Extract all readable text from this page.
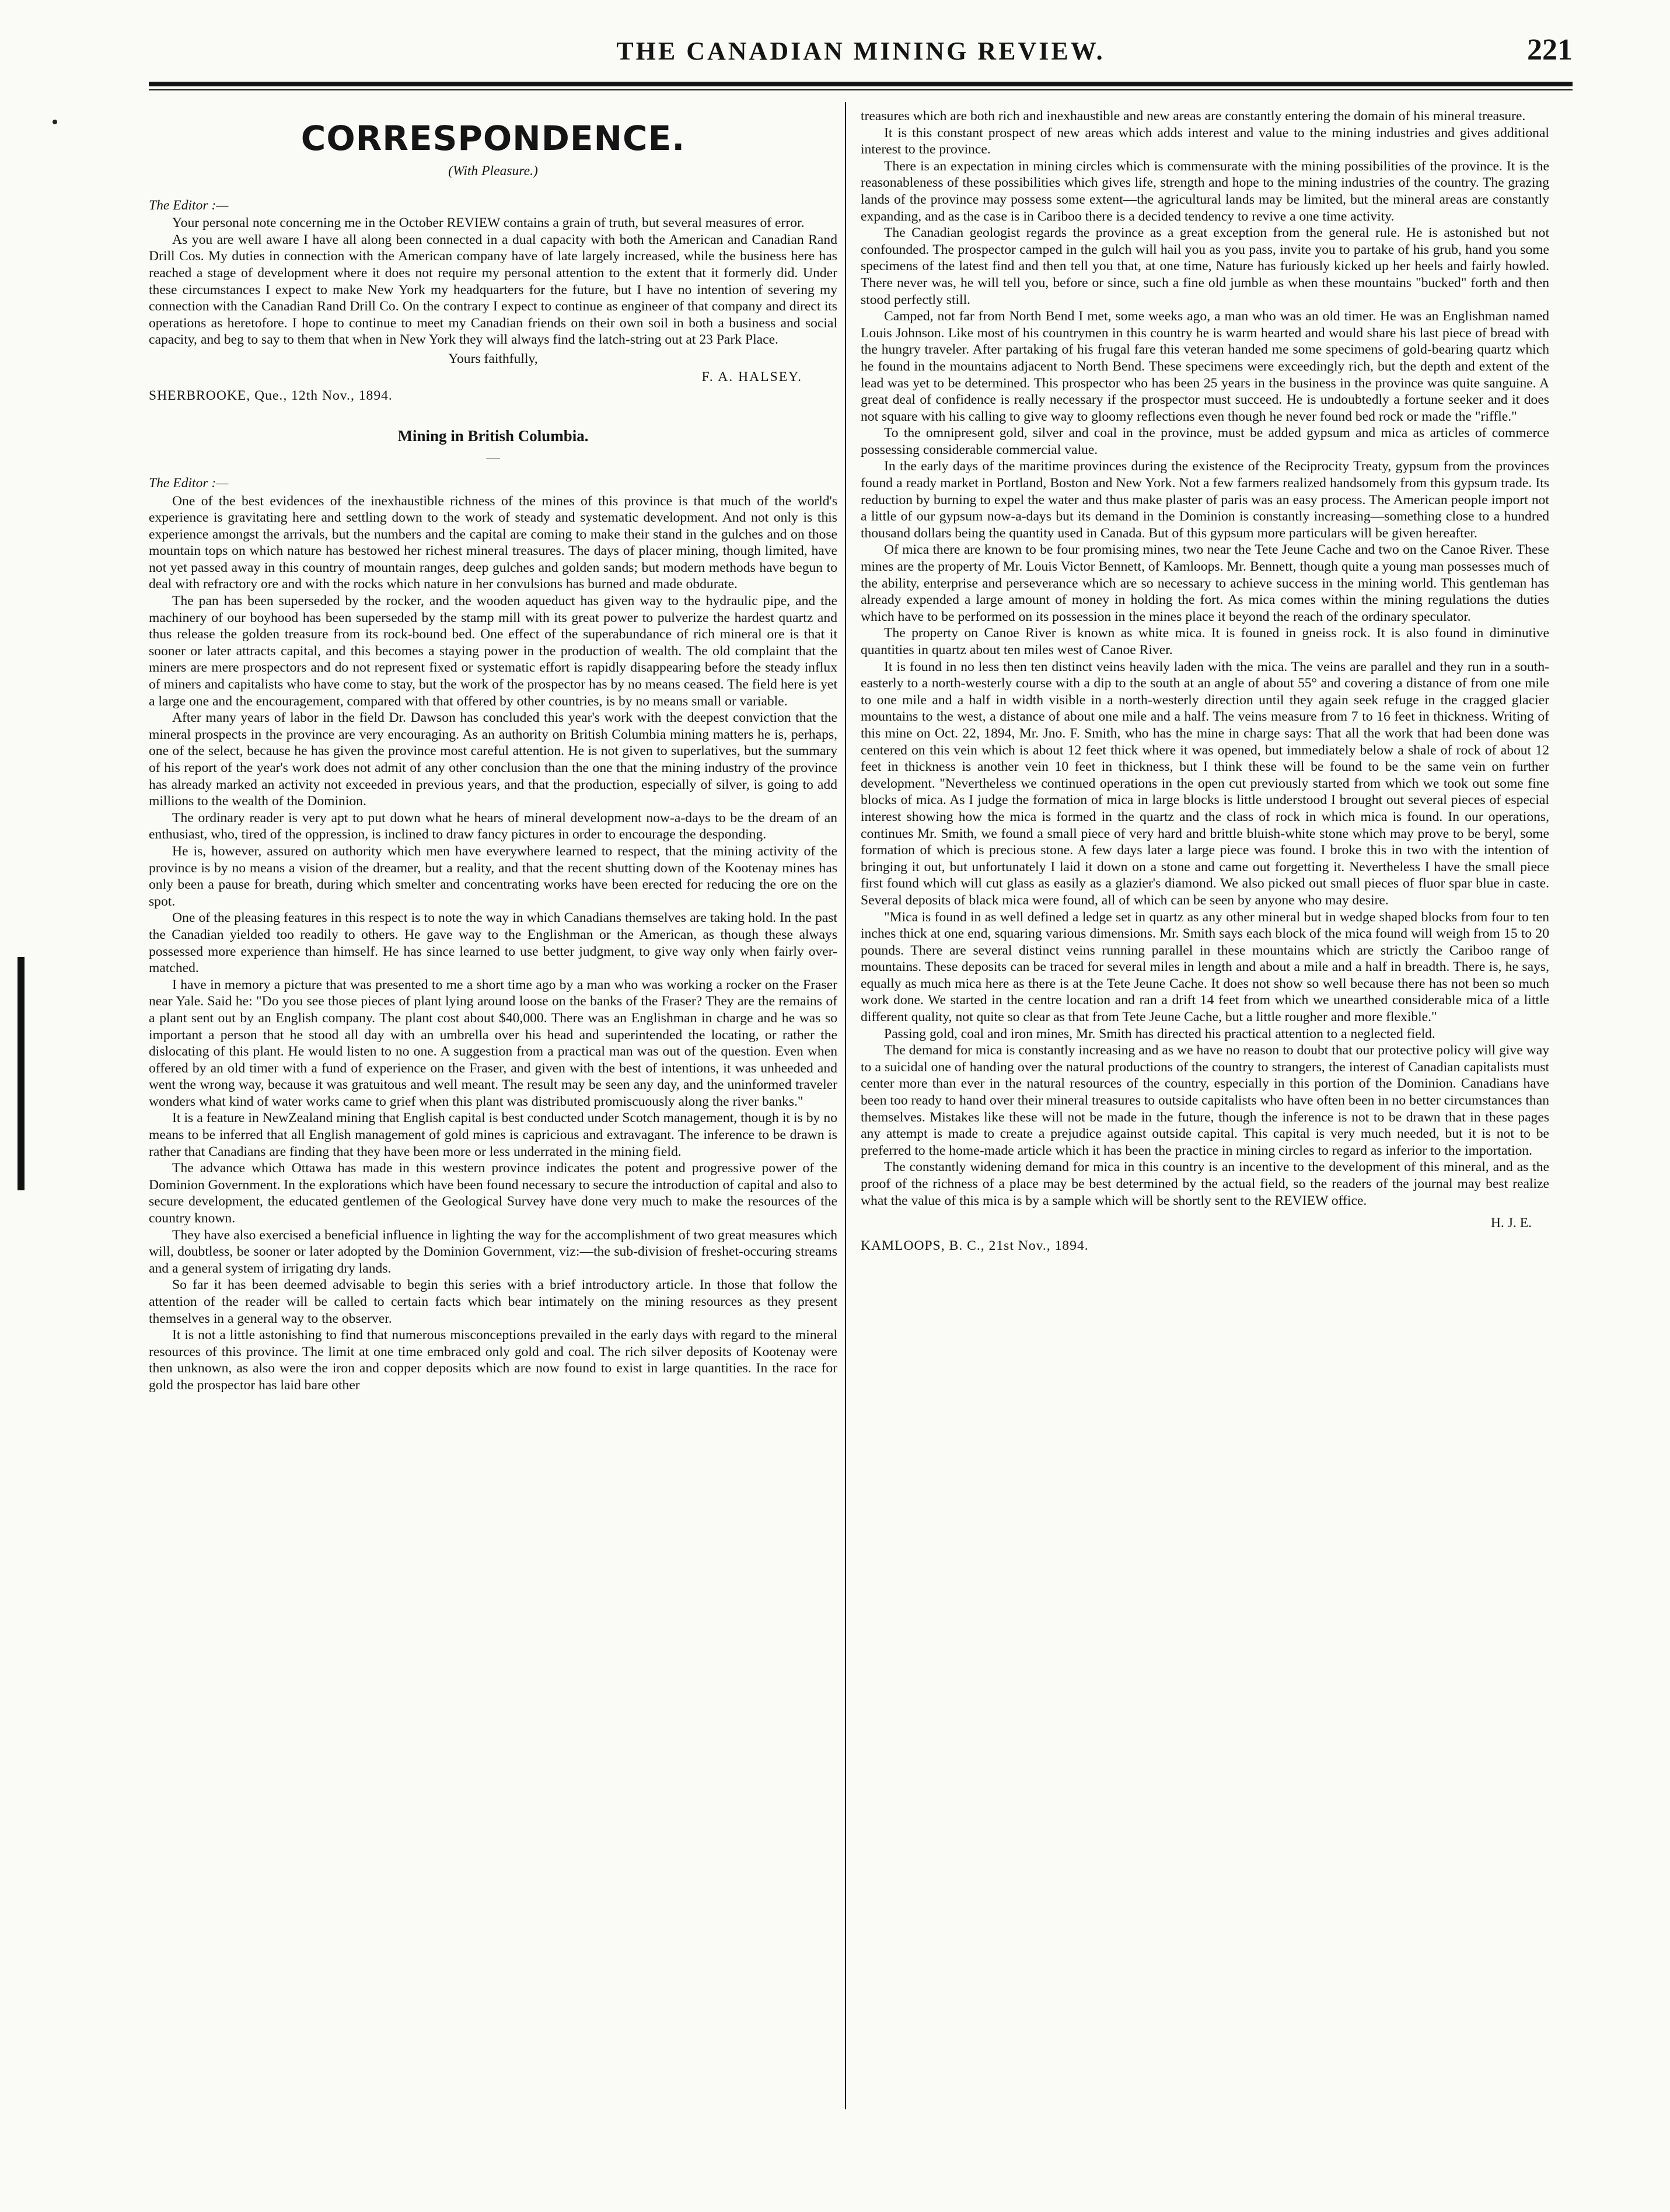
THE CANADIAN MINING REVIEW.	221
CORRESPONDENCE.
(With Pleasure.)
The Editor :—

Your personal note concerning me in the October REVIEW contains a grain of truth, but several measures of error.

As you are well aware I have all along been connected in a dual capacity with both the American and Canadian Rand Drill Cos. My duties in connection with the American company have of late largely increased, while the business here has reached a stage of development where it does not require my personal attention to the extent that it formerly did. Under these circumstances I expect to make New York my headquarters for the future, but I have no intention of severing my connection with the Canadian Rand Drill Co. On the contrary I expect to continue as engineer of that company and direct its operations as heretofore. I hope to continue to meet my Canadian friends on their own soil in both a business and social capacity, and beg to say to them that when in New York they will always find the latch-string out at 23 Park Place.

Yours faithfully,
F. A. HALSEY.
SHERBROOKE, Que., 12th Nov., 1894.
Mining in British Columbia.
—
The Editor :—

One of the best evidences of the inexhaustible richness of the mines of this province is that much of the world's experience is gravitating here and settling down to the work of steady and systematic development. And not only is this experience amongst the arrivals, but the numbers and the capital are coming to make their stand in the gulches and on those mountain tops on which nature has bestowed her richest mineral treasures. The days of placer mining, though limited, have not yet passed away in this country of mountain ranges, deep gulches and golden sands; but modern methods have begun to deal with refractory ore and with the rocks which nature in her convulsions has burned and made obdurate.

The pan has been superseded by the rocker, and the wooden aqueduct has given way to the hydraulic pipe, and the machinery of our boyhood has been superseded by the stamp mill with its great power to pulverize the hardest quartz and thus release the golden treasure from its rock-bound bed. One effect of the superabundance of rich mineral ore is that it sooner or later attracts capital, and this becomes a staying power in the production of wealth. The old complaint that the miners are mere prospectors and do not represent fixed or systematic effort is rapidly disappearing before the steady influx of miners and capitalists who have come to stay, but the work of the prospector has by no means ceased. The field here is yet a large one and the encouragement, compared with that offered by other countries, is by no means small or variable.

After many years of labor in the field Dr. Dawson has concluded this year's work with the deepest conviction that the mineral prospects in the province are very encouraging. As an authority on British Columbia mining matters he is, perhaps, one of the select, because he has given the province most careful attention. He is not given to superlatives, but the summary of his report of the year's work does not admit of any other conclusion than the one that the mining industry of the province has already marked an activity not exceeded in previous years, and that the production, especially of silver, is going to add millions to the wealth of the Dominion.

The ordinary reader is very apt to put down what he hears of mineral development now-a-days to be the dream of an enthusiast, who, tired of the oppression, is inclined to draw fancy pictures in order to encourage the desponding.

He is, however, assured on authority which men have everywhere learned to respect, that the mining activity of the province is by no means a vision of the dreamer, but a reality, and that the recent shutting down of the Kootenay mines has only been a pause for breath, during which smelter and concentrating works have been erected for reducing the ore on the spot.

One of the pleasing features in this respect is to note the way in which Canadians themselves are taking hold. In the past the Canadian yielded too readily to others. He gave way to the Englishman or the American, as though these always possessed more experience than himself. He has since learned to use better judgment, to give way only when fairly over-matched.

I have in memory a picture that was presented to me a short time ago by a man who was working a rocker on the Fraser near Yale. Said he: "Do you see those pieces of plant lying around loose on the banks of the Fraser? They are the remains of a plant sent out by an English company. The plant cost about $40,000. There was an Englishman in charge and he was so important a person that he stood all day with an umbrella over his head and superintended the locating, or rather the dislocating of this plant. He would listen to no one. A suggestion from a practical man was out of the question. Even when offered by an old timer with a fund of experience on the Fraser, and given with the best of intentions, it was unheeded and went the wrong way, because it was gratuitous and well meant. The result may be seen any day, and the uninformed traveler wonders what kind of water works came to grief when this plant was distributed promiscuously along the river banks."

It is a feature in NewZealand mining that English capital is best conducted under Scotch management, though it is by no means to be inferred that all English management of gold mines is capricious and extravagant. The inference to be drawn is rather that Canadians are finding that they have been more or less underrated in the mining field.

The advance which Ottawa has made in this western province indicates the potent and progressive power of the Dominion Government. In the explorations which have been found necessary to secure the introduction of capital and also to secure development, the educated gentlemen of the Geological Survey have done very much to make the resources of the country known.

They have also exercised a beneficial influence in lighting the way for the accomplishment of two great measures which will, doubtless, be sooner or later adopted by the Dominion Government, viz:—the sub-division of freshet-occuring streams and a general system of irrigating dry lands.

So far it has been deemed advisable to begin this series with a brief introductory article. In those that follow the attention of the reader will be called to certain facts which bear intimately on the mining resources as they present themselves in a general way to the observer.

It is not a little astonishing to find that numerous misconceptions prevailed in the early days with regard to the mineral resources of this province. The limit at one time embraced only gold and coal. The rich silver deposits of Kootenay were then unknown, as also were the iron and copper deposits which are now found to exist in large quantities. In the race for gold the prospector has laid bare other

treasures which are both rich and inexhaustible and new areas are constantly entering the domain of his mineral treasure.

It is this constant prospect of new areas which adds interest and value to the mining industries and gives additional interest to the province.

There is an expectation in mining circles which is commensurate with the mining possibilities of the province. It is the reasonableness of these possibilities which gives life, strength and hope to the mining industries of the country. The grazing lands of the province may possess some extent—the agricultural lands may be limited, but the mineral areas are constantly expanding, and as the case is in Cariboo there is a decided tendency to revive a one time activity.

The Canadian geologist regards the province as a great exception from the general rule. He is astonished but not confounded. The prospector camped in the gulch will hail you as you pass, invite you to partake of his grub, hand you some specimens of the latest find and then tell you that, at one time, Nature has furiously kicked up her heels and fairly howled. There never was, he will tell you, before or since, such a fine old jumble as when these mountains "bucked" forth and then stood perfectly still.

Camped, not far from North Bend I met, some weeks ago, a man who was an old timer. He was an Englishman named Louis Johnson. Like most of his countrymen in this country he is warm hearted and would share his last piece of bread with the hungry traveler. After partaking of his frugal fare this veteran handed me some specimens of gold-bearing quartz which he found in the mountains adjacent to North Bend. These specimens were exceedingly rich, but the depth and extent of the lead was yet to be determined. This prospector who has been 25 years in the business in the province was quite sanguine. A great deal of confidence is really necessary if the prospector must succeed. He is undoubtedly a fortune seeker and it does not square with his calling to give way to gloomy reflections even though he never found bed rock or made the "riffle."

To the omnipresent gold, silver and coal in the province, must be added gypsum and mica as articles of commerce possessing considerable commercial value.

In the early days of the maritime provinces during the existence of the Reciprocity Treaty, gypsum from the provinces found a ready market in Portland, Boston and New York. Not a few farmers realized handsomely from this gypsum trade. Its reduction by burning to expel the water and thus make plaster of paris was an easy process. The American people import not a little of our gypsum now-a-days but its demand in the Dominion is constantly increasing—something close to a hundred thousand dollars being the quantity used in Canada. But of this gypsum more particulars will be given hereafter.

Of mica there are known to be four promising mines, two near the Tete Jeune Cache and two on the Canoe River. These mines are the property of Mr. Louis Victor Bennett, of Kamloops. Mr. Bennett, though quite a young man possesses much of the ability, enterprise and perseverance which are so necessary to achieve success in the mining world. This gentleman has already expended a large amount of money in holding the fort. As mica comes within the mining regulations the duties which have to be performed on its possession in the mines place it beyond the reach of the ordinary speculator.

The property on Canoe River is known as white mica. It is founed in gneiss rock. It is also found in diminutive quantities in quartz about ten miles west of Canoe River.

It is found in no less then ten distinct veins heavily laden with the mica. The veins are parallel and they run in a south-easterly to a north-westerly course with a dip to the south at an angle of about 55° and covering a distance of from one mile to one mile and a half in width visible in a north-westerly direction until they again seek refuge in the cragged glacier mountains to the west, a distance of about one mile and a half. The veins measure from 7 to 16 feet in thickness. Writing of this mine on Oct. 22, 1894, Mr. Jno. F. Smith, who has the mine in charge says: That all the work that had been done was centered on this vein which is about 12 feet thick where it was opened, but immediately below a shale of rock of about 12 feet in thickness is another vein 10 feet in thickness, but I think these will be found to be the same vein on further development. "Nevertheless we continued operations in the open cut previously started from which we took out some fine blocks of mica. As I judge the formation of mica in large blocks is little understood I brought out several pieces of especial interest showing how the mica is formed in the quartz and the class of rock in which mica is found. In our operations, continues Mr. Smith, we found a small piece of very hard and brittle bluish-white stone which may prove to be beryl, some formation of which is precious stone. A few days later a large piece was found. I broke this in two with the intention of bringing it out, but unfortunately I laid it down on a stone and came out forgetting it. Nevertheless I have the small piece first found which will cut glass as easily as a glazier's diamond. We also picked out small pieces of fluor spar blue in caste. Several deposits of black mica were found, all of which can be seen by anyone who may desire.

"Mica is found in as well defined a ledge set in quartz as any other mineral but in wedge shaped blocks from four to ten inches thick at one end, squaring various dimensions. Mr. Smith says each block of the mica found will weigh from 15 to 20 pounds. There are several distinct veins running parallel in these mountains which are strictly the Cariboo range of mountains. These deposits can be traced for several miles in length and about a mile and a half in breadth. There is, he says, equally as much mica here as there is at the Tete Jeune Cache. It does not show so well because there has not been so much work done. We started in the centre location and ran a drift 14 feet from which we unearthed considerable mica of a little different quality, not quite so clear as that from Tete Jeune Cache, but a little rougher and more flexible."

Passing gold, coal and iron mines, Mr. Smith has directed his practical attention to a neglected field.

The demand for mica is constantly increasing and as we have no reason to doubt that our protective policy will give way to a suicidal one of handing over the natural productions of the country to strangers, the interest of Canadian capitalists must center more than ever in the natural resources of the country, especially in this portion of the Dominion. Canadians have been too ready to hand over their mineral treasures to outside capitalists who have often been in no better circumstances than themselves. Mistakes like these will not be made in the future, though the inference is not to be drawn that in these pages any attempt is made to create a prejudice against outside capital. This capital is very much needed, but it is not to be preferred to the home-made article which it has been the practice in mining circles to regard as inferior to the importation.

The constantly widening demand for mica in this country is an incentive to the development of this mineral, and as the proof of the richness of a place may be best determined by the actual field, so the readers of the journal may best realize what the value of this mica is by a sample which will be shortly sent to the REVIEW office.

H. J. E.
KAMLOOPS, B. C., 21st Nov., 1894.
